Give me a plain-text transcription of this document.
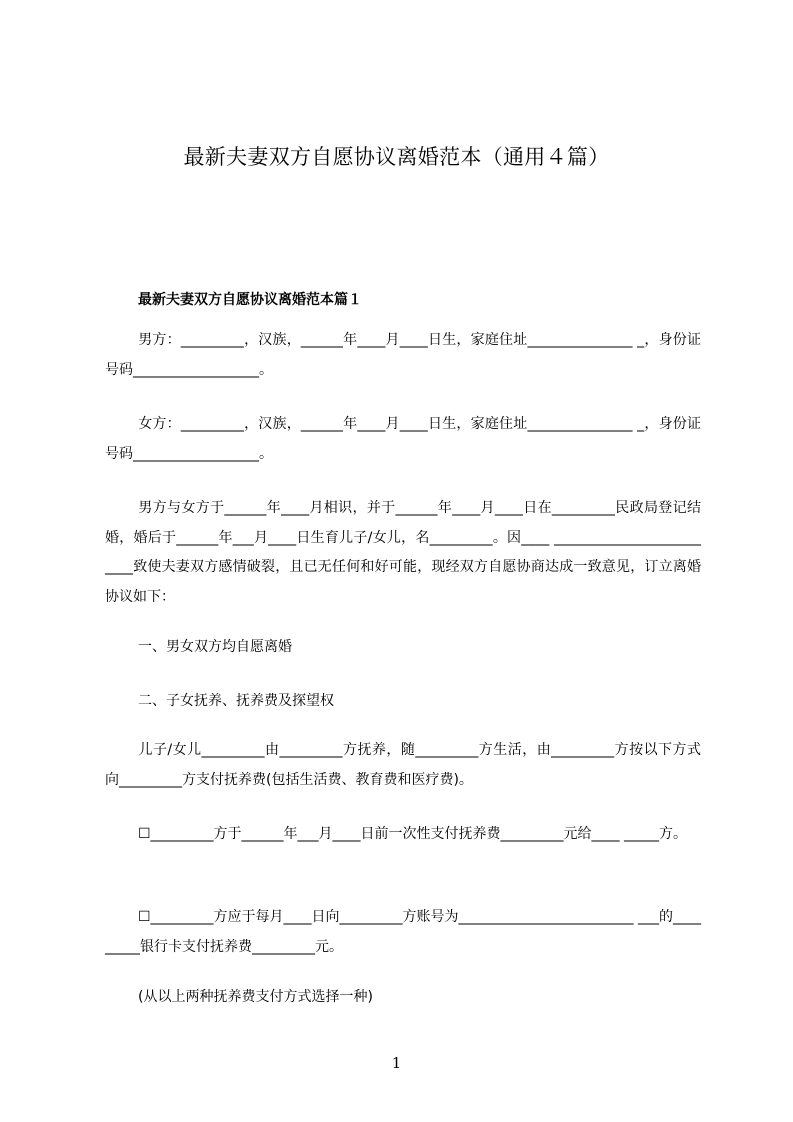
最新夫妻双方自愿协议离婚范本（通用４篇）
最新夫妻双方自愿协议离婚范本篇１

男方：_________，汉族，______年____月____日生，家庭住址_______________ _，身份证号码__________________。

女方：_________，汉族，______年____月____日生，家庭住址_______________ _，身份证号码__________________。

男方与女方于______年____月相识，并于______年____月____日在_________民政局登记结婚，婚后于______年___月____日生育儿子/女儿，名_________。因____ _________________________致使夫妻双方感情破裂，且已无任何和好可能，现经双方自愿协商达成一致意见，订立离婚协议如下：

一、男女双方均自愿离婚
二、子女抚养、抚养费及探望权

儿子/女儿_________由_________方抚养，随_________方生活，由_________方按以下方式向_________方支付抚养费(包括生活费、教育费和医疗费)。

☐_________方于______年___月____日前一次性支付抚养费_________元给____ _____方。

☐_________方应于每月____日向_________方账号为_________________________ ___的_________银行卡支付抚养费_________元。

(从以上两种抚养费支付方式选择一种)
1
